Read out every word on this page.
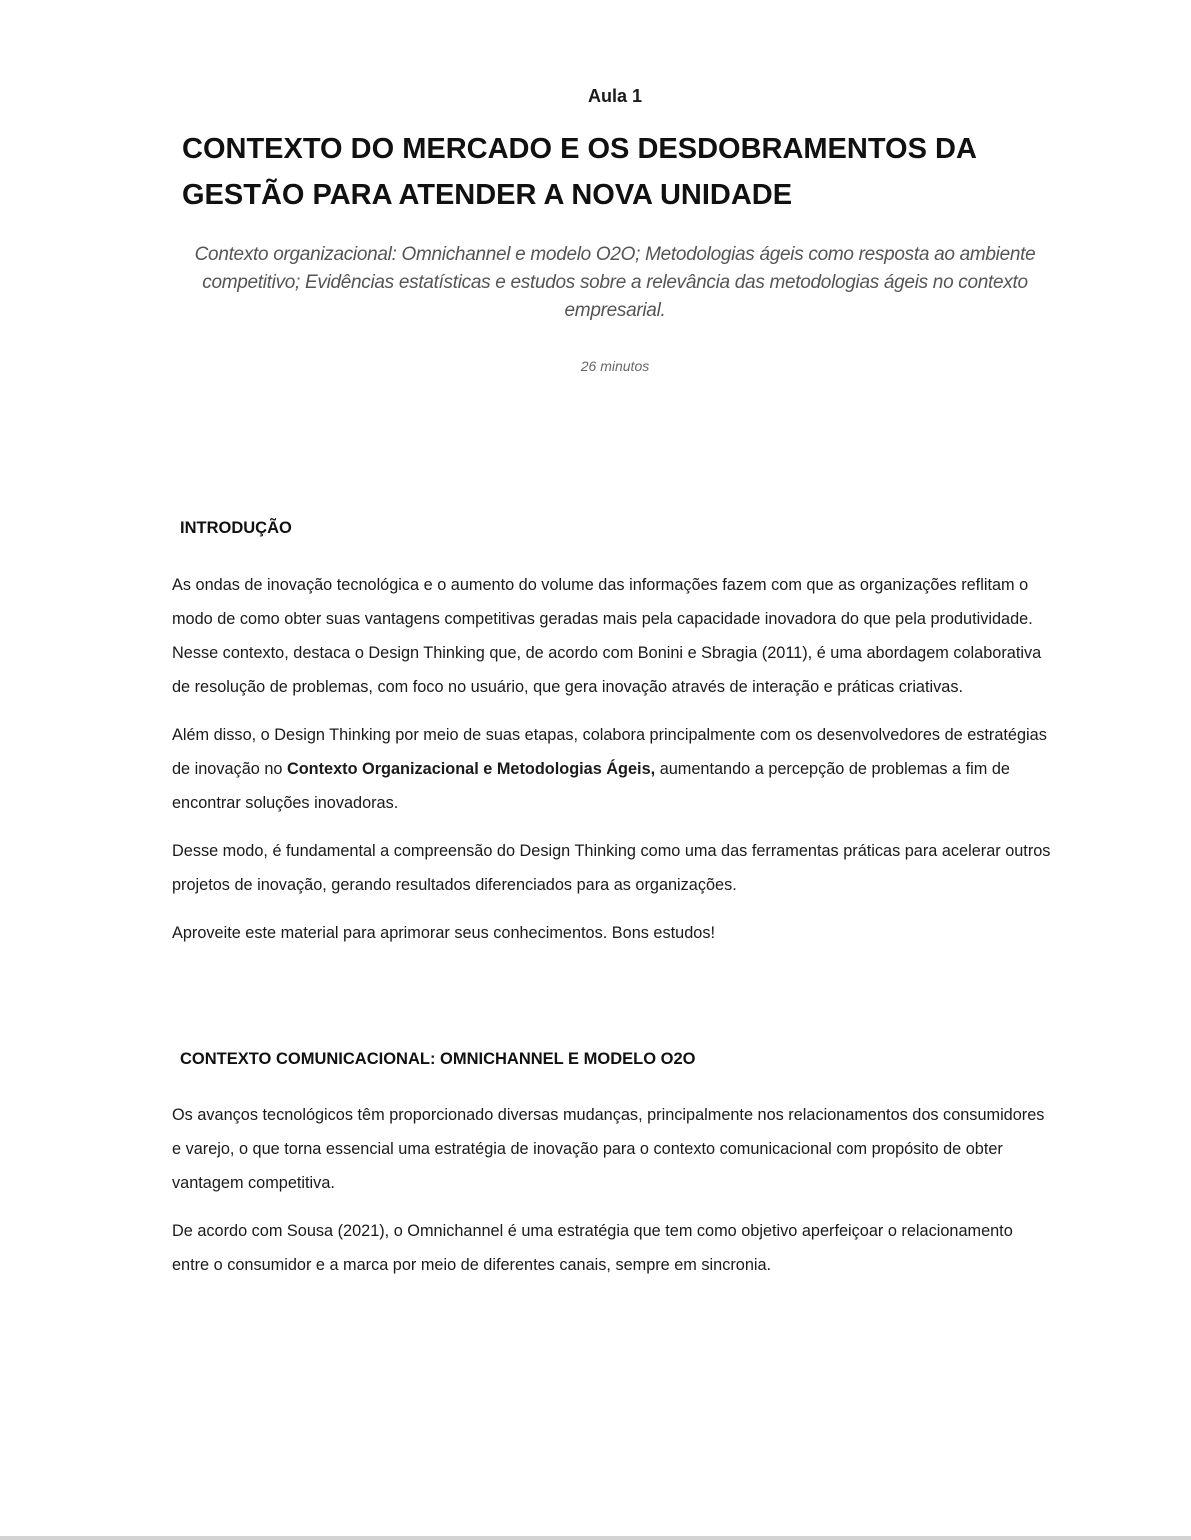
Aula 1
CONTEXTO DO MERCADO E OS DESDOBRAMENTOS DA GESTÃO PARA ATENDER A NOVA UNIDADE

Contexto organizacional: Omnichannel e modelo O2O; Metodologias ágeis como resposta ao ambiente competitivo; Evidências estatísticas e estudos sobre a relevância das metodologias ágeis no contexto empresarial.

26 minutos
INTRODUÇÃO

As ondas de inovação tecnológica e o aumento do volume das informações fazem com que as organizações reflitam o modo de como obter suas vantagens competitivas geradas mais pela capacidade inovadora do que pela produtividade. Nesse contexto, destaca o Design Thinking que, de acordo com Bonini e Sbragia (2011), é uma abordagem colaborativa de resolução de problemas, com foco no usuário, que gera inovação através de interação e práticas criativas.

Além disso, o Design Thinking por meio de suas etapas, colabora principalmente com os desenvolvedores de estratégias de inovação no Contexto Organizacional e Metodologias Ágeis, aumentando a percepção de problemas a fim de encontrar soluções inovadoras.

Desse modo, é fundamental a compreensão do Design Thinking como uma das ferramentas práticas para acelerar outros projetos de inovação, gerando resultados diferenciados para as organizações.

Aproveite este material para aprimorar seus conhecimentos. Bons estudos!

CONTEXTO COMUNICACIONAL: OMNICHANNEL E MODELO O2O

Os avanços tecnológicos têm proporcionado diversas mudanças, principalmente nos relacionamentos dos consumidores e varejo, o que torna essencial uma estratégia de inovação para o contexto comunicacional com propósito de obter vantagem competitiva.

De acordo com Sousa (2021), o Omnichannel é uma estratégia que tem como objetivo aperfeiçoar o relacionamento entre o consumidor e a marca por meio de diferentes canais, sempre em sincronia.
